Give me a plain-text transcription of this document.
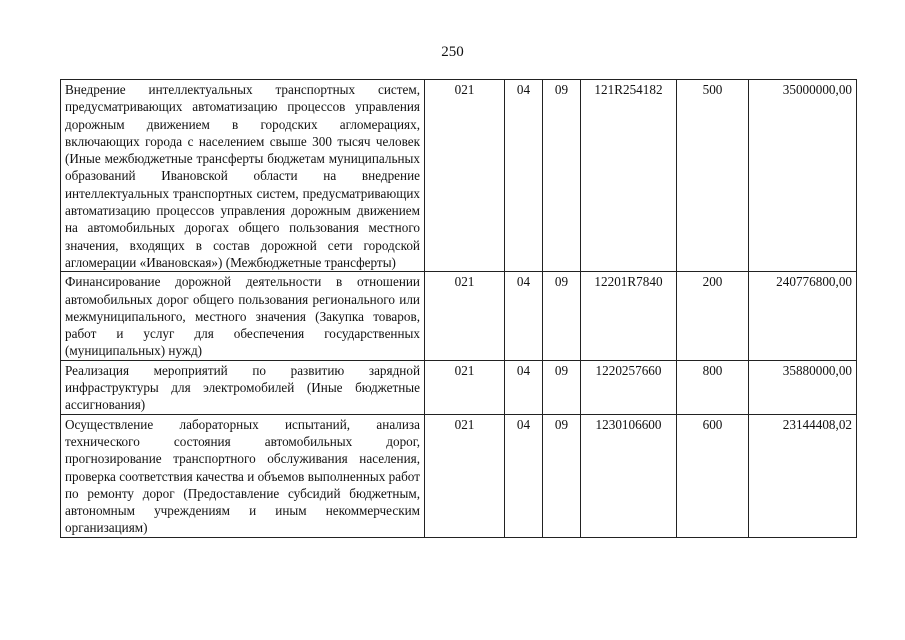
250
Внедрение интеллектуальных транспортных систем, предусматривающих автоматизацию процессов управления дорожным движением в городских агломерациях, включающих города с населением свыше 300 тысяч человек (Иные межбюджетные трансферты бюджетам муниципальных образований Ивановской области на внедрение интеллектуальных транспортных систем, предусматривающих автоматизацию процессов управления дорожным движением на автомобильных дорогах общего пользования местного значения, входящих в состав дорожной сети городской агломерации «Ивановская») (Межбюджетные трансферты)	021	04	09	121R254182	500	35000000,00
Финансирование дорожной деятельности в отношении автомобильных дорог общего пользования регионального или межмуниципального, местного значения (Закупка товаров, работ и услуг для обеспечения государственных (муниципальных) нужд)	021	04	09	12201R7840	200	240776800,00
Реализация мероприятий по развитию зарядной инфраструктуры для электромобилей (Иные бюджетные ассигнования)	021	04	09	1220257660	800	35880000,00
Осуществление лабораторных испытаний, анализа технического состояния автомобильных дорог, прогнозирование транспортного обслуживания населения, проверка соответствия качества и объемов выполненных работ по ремонту дорог (Предоставление субсидий бюджетным, автономным учреждениям и иным некоммерческим организациям)	021	04	09	1230106600	600	23144408,02
